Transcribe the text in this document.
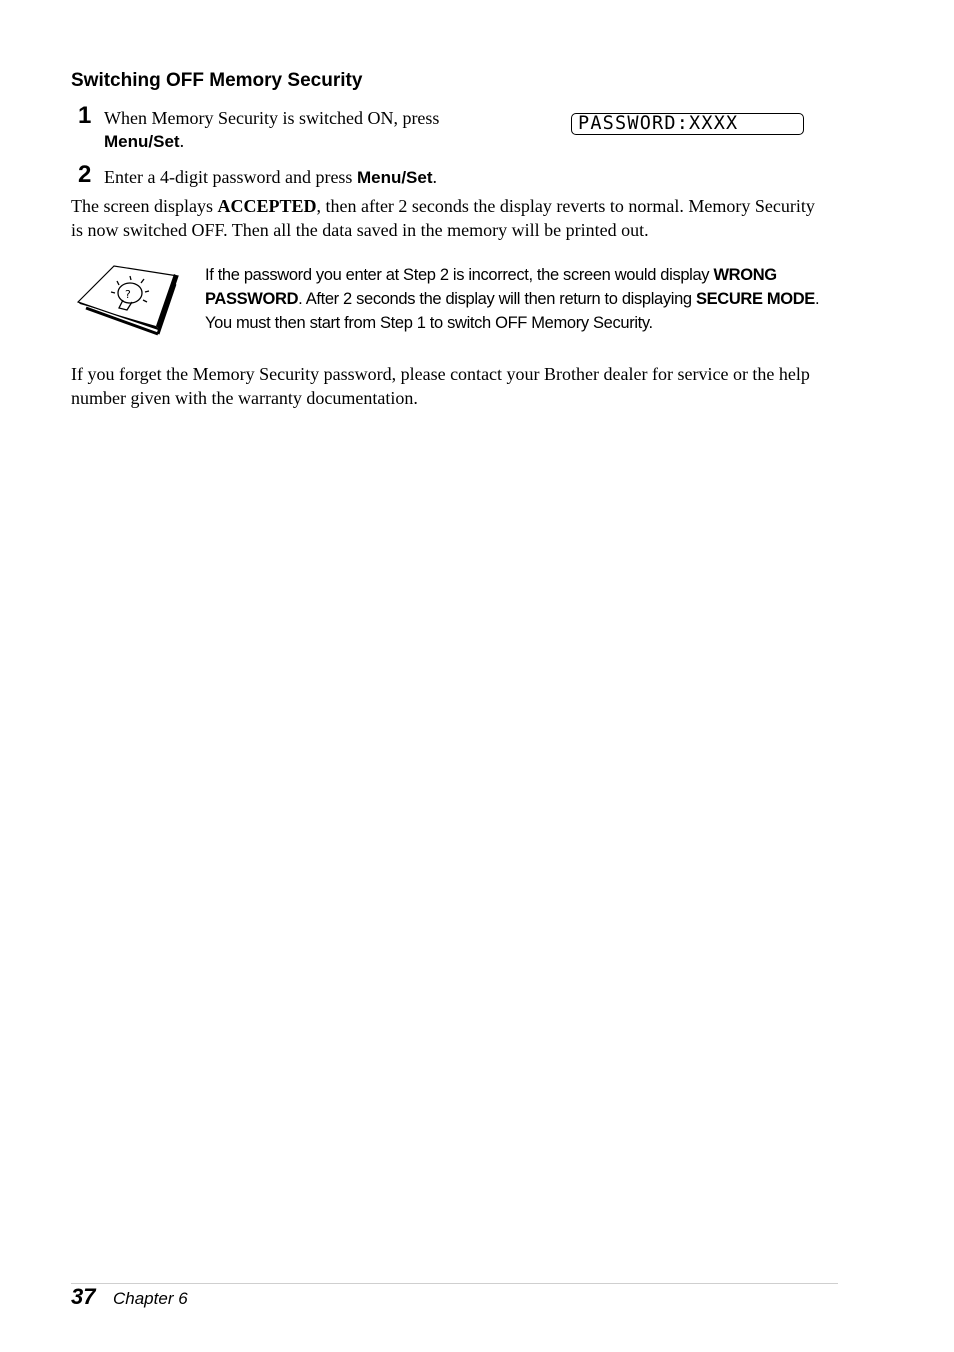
Switching OFF Memory Security
1 When Memory Security is switched ON, press
Menu/Set.
PASSWORD:XXXX
2 Enter a 4-digit password and press Menu/Set.
The screen displays ACCEPTED, then after 2 seconds the display reverts to normal. Memory Security is now switched OFF. Then all the data saved in the memory will be printed out.
?
If the password you enter at Step 2 is incorrect, the screen would display WRONG PASSWORD. After 2 seconds the display will then return to displaying SECURE MODE. You must then start from Step 1 to switch OFF Memory Security.
If you forget the Memory Security password, please contact your Brother dealer for service or the help number given with the warranty documentation.
37 Chapter 6
